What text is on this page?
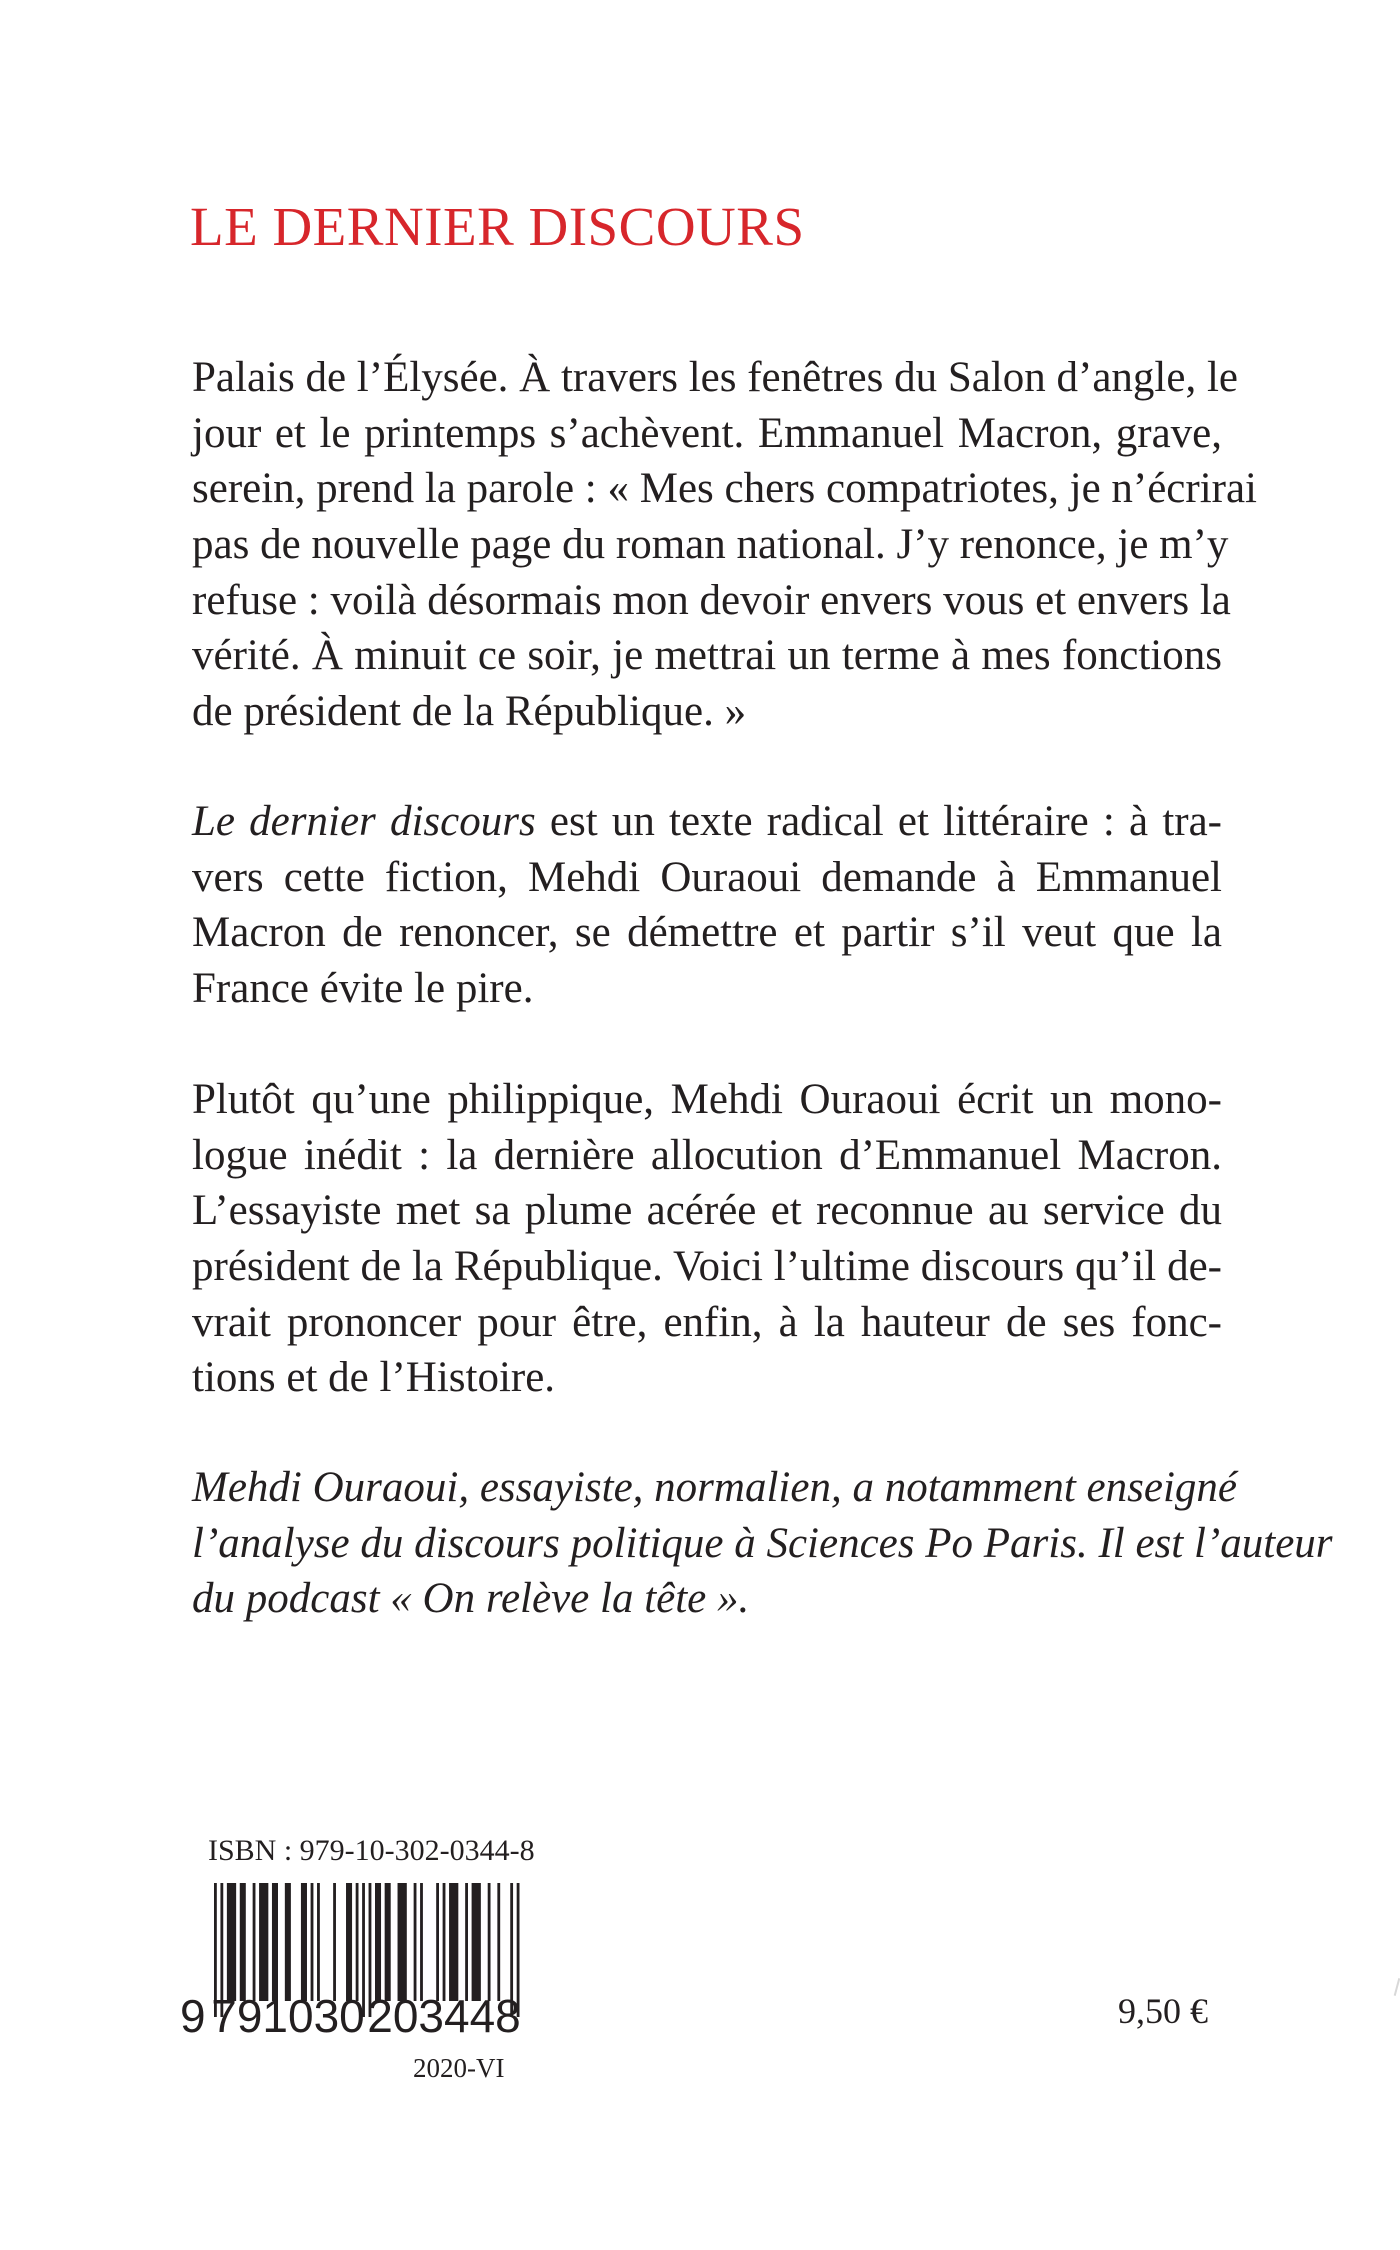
LE DERNIER DISCOURS
Palais de l’Élysée. À travers les fenêtres du Salon d’angle, le
jour et le printemps s’achèvent. Emmanuel Macron, grave,
serein, prend la parole : « Mes chers compatriotes, je n’écrirai
pas de nouvelle page du roman national. J’y renonce, je m’y
refuse : voilà désormais mon devoir envers vous et envers la
vérité. À minuit ce soir, je mettrai un terme à mes fonctions
de président de la République. »
Le dernier discours est un texte radical et littéraire : à tra-
vers cette fiction, Mehdi Ouraoui demande à Emmanuel
Macron de renoncer, se démettre et partir s’il veut que la
France évite le pire.
Plutôt qu’une philippique, Mehdi Ouraoui écrit un mono-
logue inédit : la dernière allocution d’Emmanuel Macron.
L’essayiste met sa plume acérée et reconnue au service du
président de la République. Voici l’ultime discours qu’il de-
vrait prononcer pour être, enfin, à la hauteur de ses fonc-
tions et de l’Histoire.
Mehdi Ouraoui, essayiste, normalien, a notamment enseigné
l’analyse du discours politique à Sciences Po Paris. Il est l’auteur
du podcast « On relève la tête ».
ISBN : 979-10-302-0344-8
9 791030 203448
2020-VI
9,50 €
